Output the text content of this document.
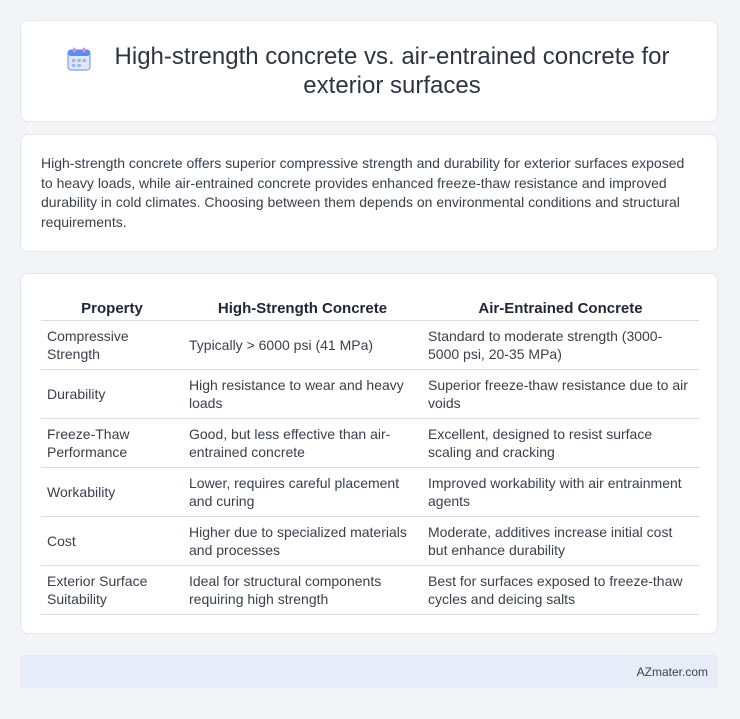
High-strength concrete vs. air-entrained concrete for exterior surfaces

High-strength concrete offers superior compressive strength and durability for exterior surfaces exposed to heavy loads, while air-entrained concrete provides enhanced freeze-thaw resistance and improved durability in cold climates. Choosing between them depends on environmental conditions and structural requirements.

Property	High-Strength Concrete	Air-Entrained Concrete
Compressive Strength	Typically > 6000 psi (41 MPa)	Standard to moderate strength (3000-5000 psi, 20-35 MPa)
Durability	High resistance to wear and heavy loads	Superior freeze-thaw resistance due to air voids
Freeze-Thaw Performance	Good, but less effective than air-entrained concrete	Excellent, designed to resist surface scaling and cracking
Workability	Lower, requires careful placement and curing	Improved workability with air entrainment agents
Cost	Higher due to specialized materials and processes	Moderate, additives increase initial cost but enhance durability
Exterior Surface Suitability	Ideal for structural components requiring high strength	Best for surfaces exposed to freeze-thaw cycles and deicing salts
AZmater.com
